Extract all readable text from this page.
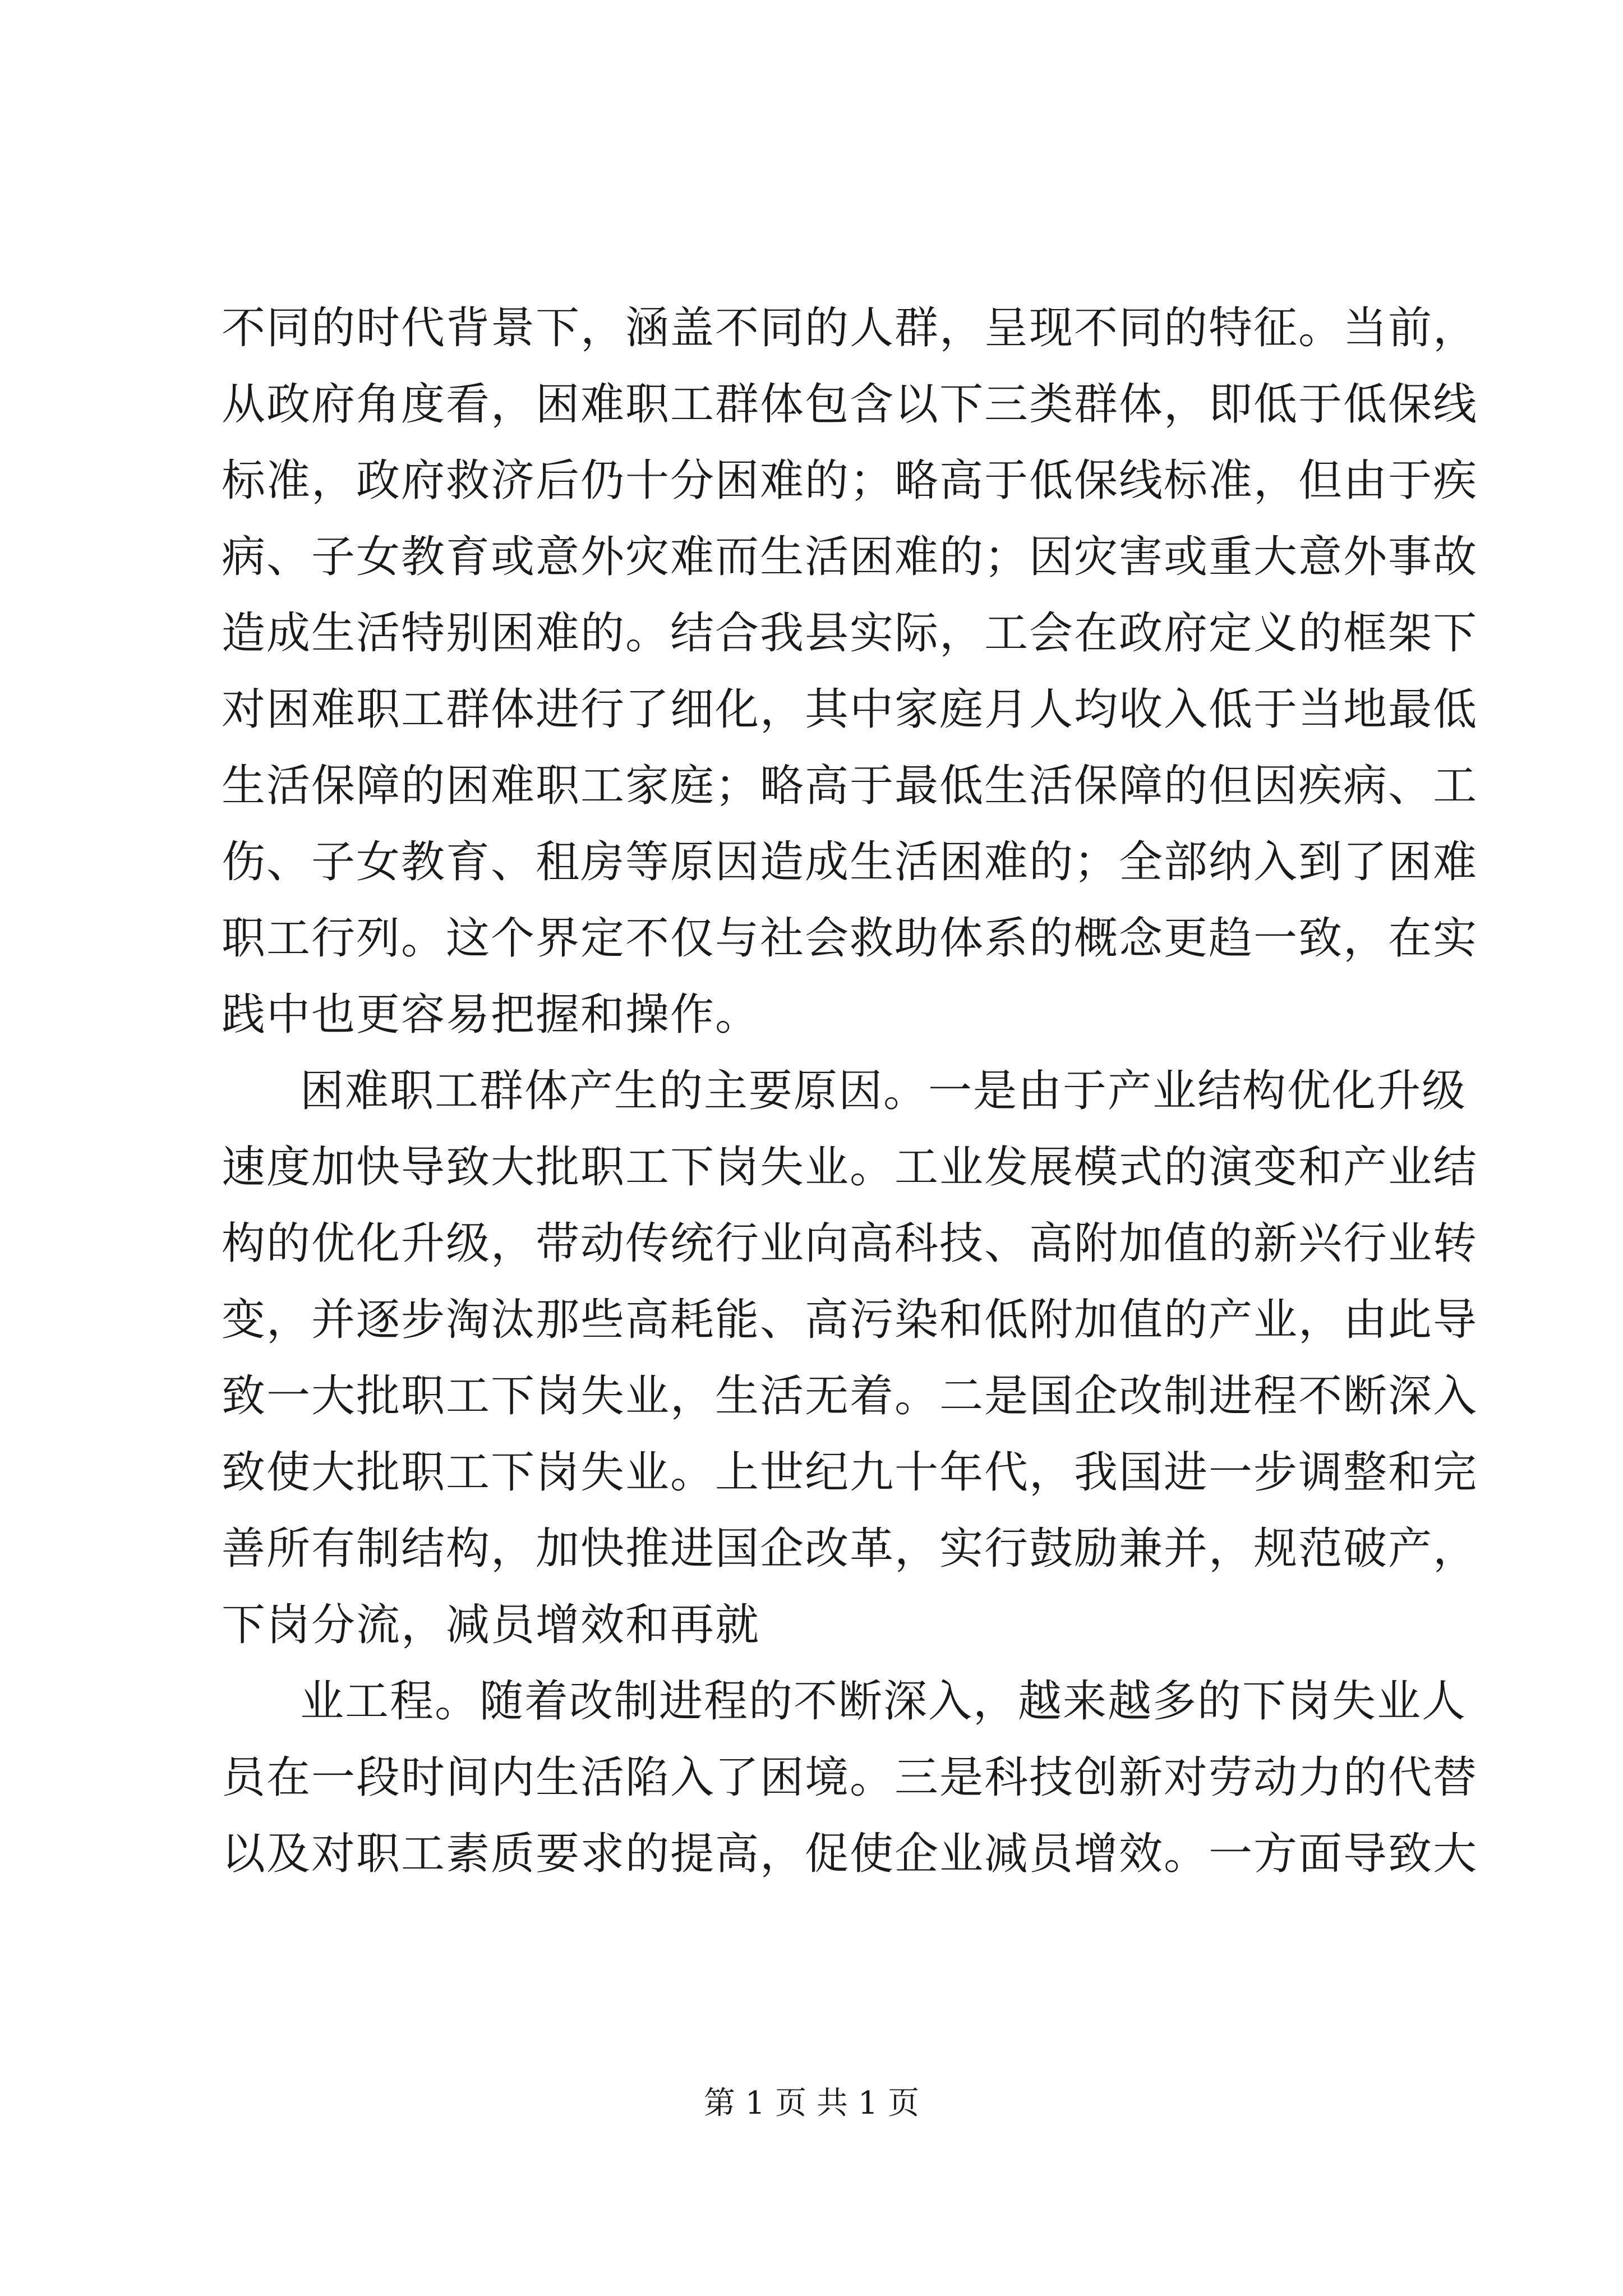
不同的时代背景下，涵盖不同的人群，呈现不同的特征。当前，
从政府角度看，困难职工群体包含以下三类群体，即低于低保线
标准，政府救济后仍十分困难的；略高于低保线标准，但由于疾
病、子女教育或意外灾难而生活困难的；因灾害或重大意外事故
造成生活特别困难的。结合我县实际，工会在政府定义的框架下
对困难职工群体进行了细化，其中家庭月人均收入低于当地最低
生活保障的困难职工家庭；略高于最低生活保障的但因疾病、工
伤、子女教育、租房等原因造成生活困难的；全部纳入到了困难
职工行列。这个界定不仅与社会救助体系的概念更趋一致，在实
践中也更容易把握和操作。
困难职工群体产生的主要原因。一是由于产业结构优化升级
速度加快导致大批职工下岗失业。工业发展模式的演变和产业结
构的优化升级，带动传统行业向高科技、高附加值的新兴行业转
变，并逐步淘汰那些高耗能、高污染和低附加值的产业，由此导
致一大批职工下岗失业，生活无着。二是国企改制进程不断深入
致使大批职工下岗失业。上世纪九十年代，我国进一步调整和完
善所有制结构，加快推进国企改革，实行鼓励兼并，规范破产，
下岗分流，减员增效和再就
业工程。随着改制进程的不断深入，越来越多的下岗失业人
员在一段时间内生活陷入了困境。三是科技创新对劳动力的代替
以及对职工素质要求的提高，促使企业减员增效。一方面导致大
第 1 页 共 1 页
